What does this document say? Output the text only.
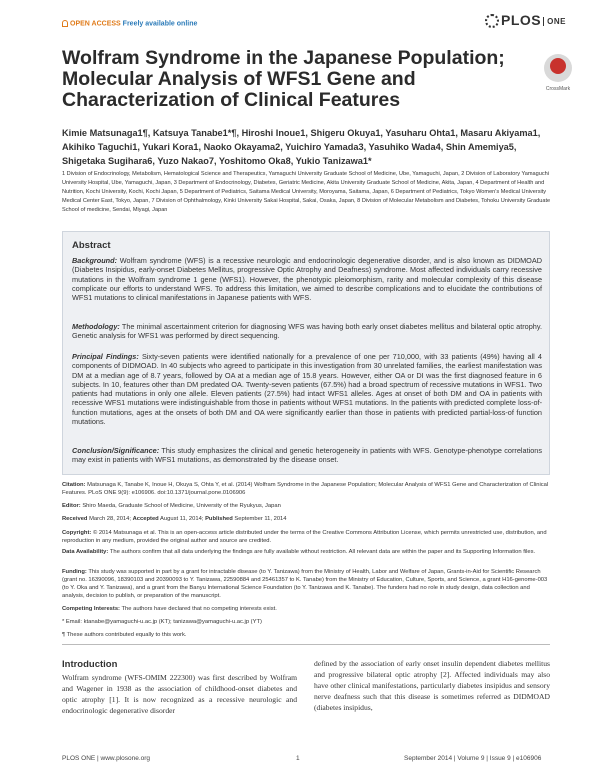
OPEN ACCESS Freely available online	PLOS ONE
Wolfram Syndrome in the Japanese Population; Molecular Analysis of WFS1 Gene and Characterization of Clinical Features	CrossMark
Kimie Matsunaga1¶, Katsuya Tanabe1*¶, Hiroshi Inoue1, Shigeru Okuya1, Yasuharu Ohta1, Masaru Akiyama1, Akihiko Taguchi1, Yukari Kora1, Naoko Okayama2, Yuichiro Yamada3, Yasuhiko Wada4, Shin Amemiya5, Shigetaka Sugihara6, Yuzo Nakao7, Yoshitomo Oka8, Yukio Tanizawa1*
1 Division of Endocrinology, Metabolism, Hematological Science and Therapeutics, Yamaguchi University Graduate School of Medicine, Ube, Yamaguchi, Japan, 2 Division of Laboratory Yamaguchi University Hospital, Ube, Yamaguchi, Japan, 3 Department of Endocrinology, Diabetes, Geriatric Medicine, Akita University Graduate School of Medicine, Akita, Japan, 4 Department of Health and Nutrition, Kochi University, Kochi, Kochi Japan, 5 Department of Pediatrics, Saitama Medical University, Moroyama, Saitama, Japan, 6 Department of Pediatrics, Tokyo Women's Medical University Medical Center East, Tokyo, Japan, 7 Division of Ophthalmology, Kinki University Sakai Hospital, Sakai, Osaka, Japan, 8 Division of Molecular Metabolism and Diabetes, Tohoku University Graduate School of medicine, Sendai, Miyagi, Japan
Abstract
Background: Wolfram syndrome (WFS) is a recessive neurologic and endocrinologic degenerative disorder, and is also known as DIDMOAD (Diabetes Insipidus, early-onset Diabetes Mellitus, progressive Optic Atrophy and Deafness) syndrome. Most affected individuals carry recessive mutations in the Wolfram syndrome 1 gene (WFS1). However, the phenotypic pleiomorphism, rarity and molecular complexity of this disease complicate our efforts to understand WFS. To address this limitation, we aimed to describe complications and to elucidate the contributions of WFS1 mutations to clinical manifestations in Japanese patients with WFS.
Methodology: The minimal ascertainment criterion for diagnosing WFS was having both early onset diabetes mellitus and bilateral optic atrophy. Genetic analysis for WFS1 was performed by direct sequencing.
Principal Findings: Sixty-seven patients were identified nationally for a prevalence of one per 710,000, with 33 patients (49%) having all 4 components of DIDMOAD. In 40 subjects who agreed to participate in this investigation from 30 unrelated families, the earliest manifestation was DM at a median age of 8.7 years, followed by OA at a median age of 15.8 years. However, either OA or DI was the first diagnosed feature in 6 subjects. In 10, features other than DM predated OA. Twenty-seven patients (67.5%) had a broad spectrum of recessive mutations in WFS1. Two patients had mutations in only one allele. Eleven patients (27.5%) had intact WFS1 alleles. Ages at onset of both DM and OA in patients with recessive WFS1 mutations were indistinguishable from those in patients without WFS1 mutations. In the patients with predicted complete loss-of-function mutations, ages at the onsets of both DM and OA were significantly earlier than those in patients with predicted partial-loss-of function mutations.
Conclusion/Significance: This study emphasizes the clinical and genetic heterogeneity in patients with WFS. Genotype-phenotype correlations may exist in patients with WFS1 mutations, as demonstrated by the disease onset.
Citation: Matsunaga K, Tanabe K, Inoue H, Okuya S, Ohta Y, et al. (2014) Wolfram Syndrome in the Japanese Population; Molecular Analysis of WFS1 Gene and Characterization of Clinical Features. PLoS ONE 9(9): e106906. doi:10.1371/journal.pone.0106906
Editor: Shiro Maeda, Graduate School of Medicine, University of the Ryukyus, Japan
Received March 28, 2014; Accepted August 11, 2014; Published September 11, 2014
Copyright: © 2014 Matsunaga et al. This is an open-access article distributed under the terms of the Creative Commons Attribution License, which permits unrestricted use, distribution, and reproduction in any medium, provided the original author and source are credited.
Data Availability: The authors confirm that all data underlying the findings are fully available without restriction. All relevant data are within the paper and its Supporting Information files.
Funding: This study was supported in part by a grant for intractable disease (to Y. Tanizawa) from the Ministry of Health, Labor and Welfare of Japan, Grants-in-Aid for Scientific Research (grant no. 16390096, 18390103 and 20390093 to Y. Tanizawa, 22590884 and 25461357 to K. Tanabe) from the Ministry of Education, Culture, Sports, and Science, a grant H16-genome-003 (to Y. Oka and Y. Tanizawa), and a grant from the Banyu International Science Foundation (to Y. Tanizawa and K. Tanabe). The funders had no role in study design, data collection and analysis, decision to publish, or preparation of the manuscript.
Competing Interests: The authors have declared that no competing interests exist.
* Email: ktanabe@yamaguchi-u.ac.jp (KT); tanizawa@yamaguchi-u.ac.jp (YT)
¶ These authors contributed equally to this work.
Introduction
Wolfram syndrome (WFS-OMIM 222300) was first described by Wolfram and Wagener in 1938 as the association of childhood-onset diabetes and optic atrophy [1]. It is now recognized as a recessive neurologic and endocrinologic degenerative disorder
defined by the association of early onset insulin dependent diabetes mellitus and progressive bilateral optic atrophy [2]. Affected individuals may also have other clinical manifestations, particularly diabetes insipidus and sensory nerve deafness such that this disease is sometimes referred as DIDMOAD (diabetes insipidus,
PLOS ONE | www.plosone.org	1	September 2014 | Volume 9 | Issue 9 | e106906
